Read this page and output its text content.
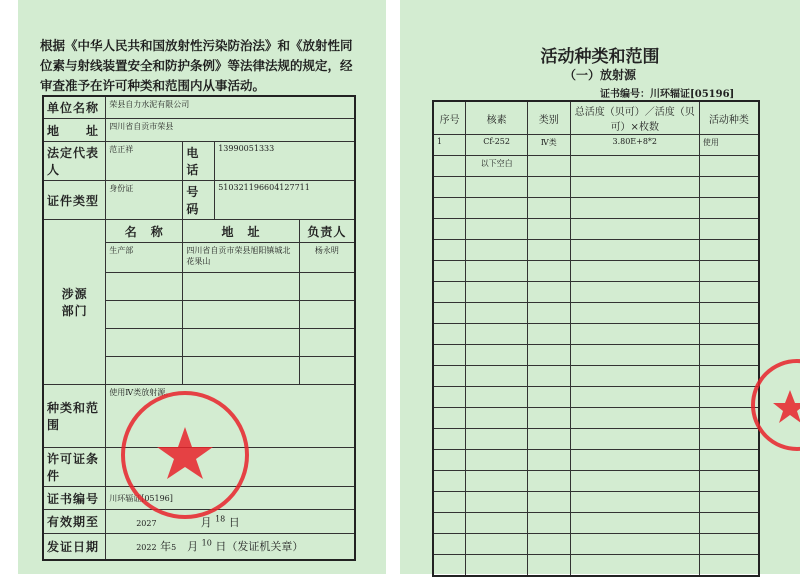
根据《中华人民共和国放射性污染防治法》和《放射性同位素与射线装置安全和防护条例》等法律法规的规定，经审查准予在许可种类和范围内从事活动。
单位名称	荣县自力水泥有限公司			
地　　址	四川省自贡市荣县			
法定代表人	范正祥	电话	13990051333	
证件类型	身份证	号码	510321196604127711	
涉源部门	名　称	地　址		负责人
	生产部	四川省自贡市荣县旭阳镇城北花果山		杨永明

种类和范围	使用Ⅳ类放射源。			
许可证条件				
证书编号	川环辐证[05196]			
有效期至	2027　　　　 月 $^{18}$ 日			
发证日期	2022 年5　 月 $^{10}$ 日（发证机关章）			
活动种类和范围
（一）放射源
证书编号：川环辐证[05196]
序号	核素	类别	总活度（贝可）／活度（贝可）×枚数	活动种类
1	Cf-252	Ⅳ类	3.80E+8*2	使用
	以下空白			
